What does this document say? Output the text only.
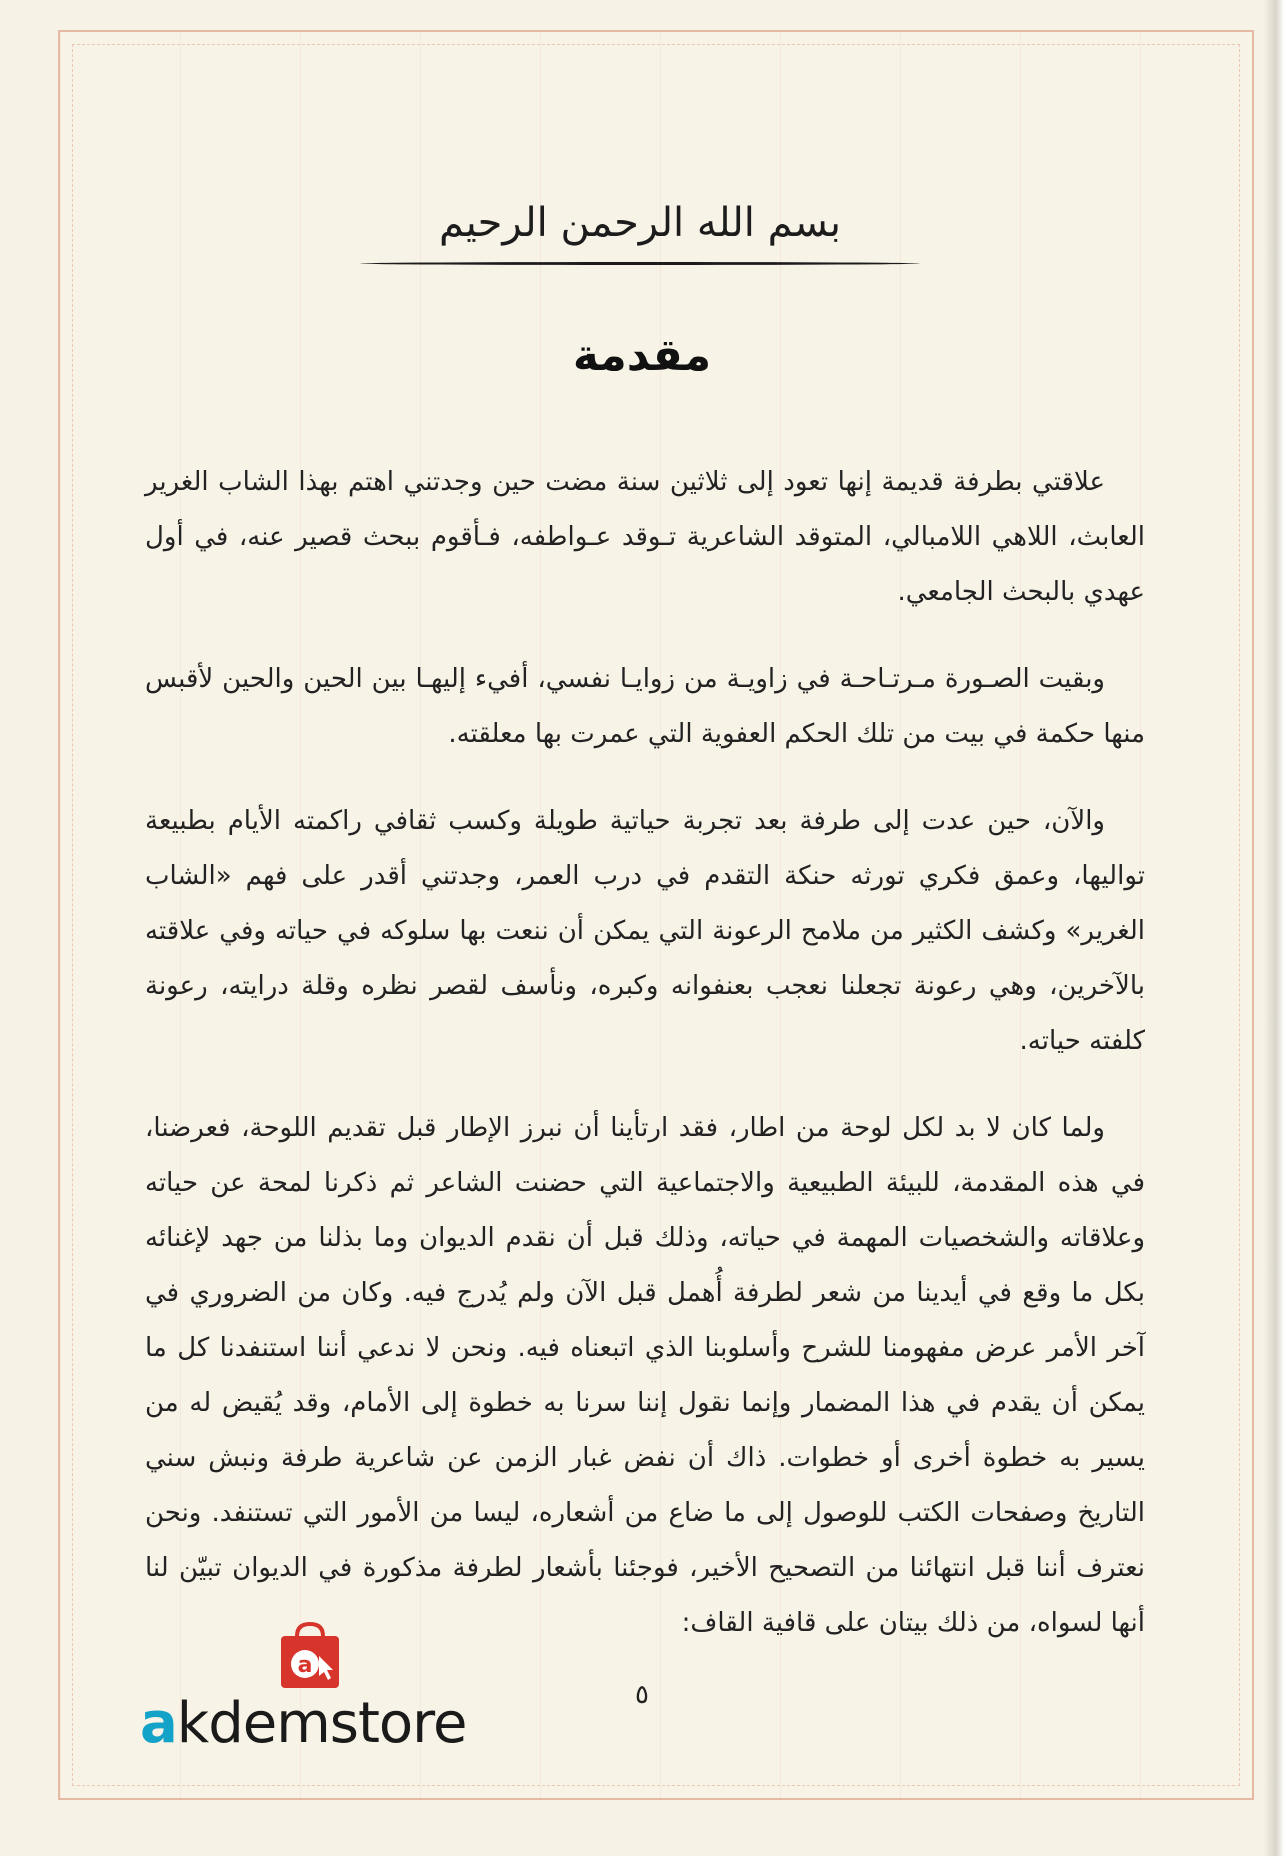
بسم الله الرحمن الرحيم
مقدمة

علاقتي بطرفة قديمة إنها تعود إلى ثلاثين سنة مضت حين وجدتني اهتم بهذا الشاب الغرير العابث، اللاهي اللامبالي، المتوقد الشاعرية تـوقد عـواطفه، فـأقوم ببحث قصير عنه، في أول عهدي بالبحث الجامعي.

وبقيت الصـورة مـرتـاحـة في زاويـة من زوايـا نفسي، أفيء إليهـا بين الحين والحين لأقبس منها حكمة في بيت من تلك الحكم العفوية التي عمرت بها معلقته.

والآن، حين عدت إلى طرفة بعد تجربة حياتية طويلة وكسب ثقافي راكمته الأيام بطبيعة تواليها، وعمق فكري تورثه حنكة التقدم في درب العمر، وجدتني أقدر على فهم «الشاب الغرير» وكشف الكثير من ملامح الرعونة التي يمكن أن ننعت بها سلوكه في حياته وفي علاقته بالآخرين، وهي رعونة تجعلنا نعجب بعنفوانه وكبره، ونأسف لقصر نظره وقلة درايته، رعونة كلفته حياته.

ولما كان لا بد لكل لوحة من اطار، فقد ارتأينا أن نبرز الإطار قبل تقديم اللوحة، فعرضنا، في هذه المقدمة، للبيئة الطبيعية والاجتماعية التي حضنت الشاعر ثم ذكرنا لمحة عن حياته وعلاقاته والشخصيات المهمة في حياته، وذلك قبل أن نقدم الديوان وما بذلنا من جهد لإغنائه بكل ما وقع في أيدينا من شعر لطرفة أُهمل قبل الآن ولم يُدرج فيه. وكان من الضروري في آخر الأمر عرض مفهومنا للشرح وأسلوبنا الذي اتبعناه فيه. ونحن لا ندعي أننا استنفدنا كل ما يمكن أن يقدم في هذا المضمار وإنما نقول إننا سرنا به خطوة إلى الأمام، وقد يُقيض له من يسير به خطوة أخرى أو خطوات. ذاك أن نفض غبار الزمن عن شاعرية طرفة ونبش سني التاريخ وصفحات الكتب للوصول إلى ما ضاع من أشعاره، ليسا من الأمور التي تستنفد. ونحن نعترف أننا قبل انتهائنا من التصحيح الأخير، فوجئنا بأشعار لطرفة مذكورة في الديوان تبيّن لنا أنها لسواه، من ذلك بيتان على قافية القاف:

٥
a
akdemstore
